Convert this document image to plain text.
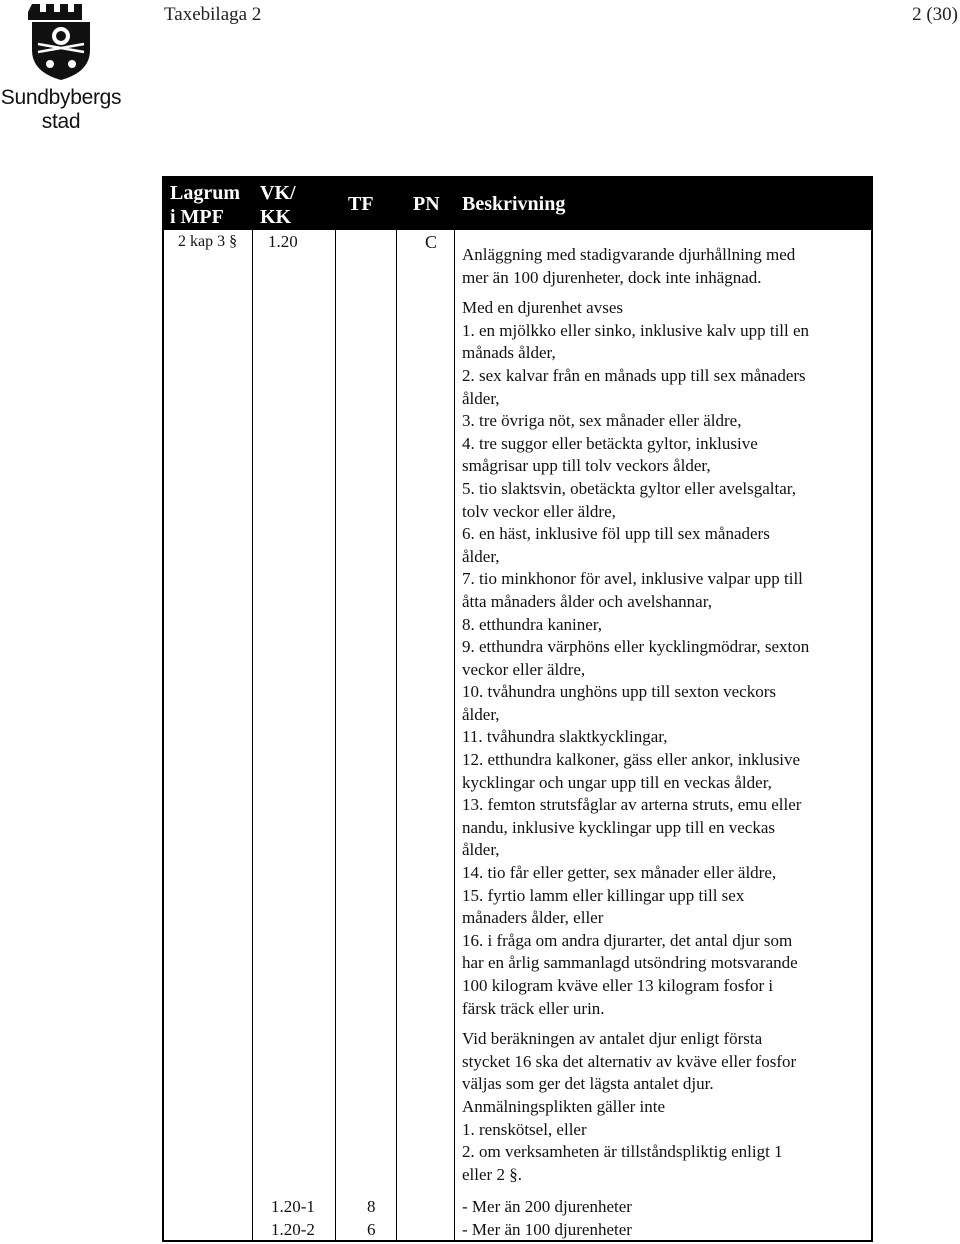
Sundbybergs
stad
Taxebilaga 2	2 (30)
Lagrum
i MPF
VK/
KK
TF PN Beskrivning
2 kap 3 § 1.20	C

Anläggning med stadigvarande djurhållning med

mer än 100 djurenheter, dock inte inhägnad.

Med en djurenhet avses

1. en mjölkko eller sinko, inklusive kalv upp till en

månads ålder,

2. sex kalvar från en månads upp till sex månaders

ålder,

3. tre övriga nöt, sex månader eller äldre,

4. tre suggor eller betäckta gyltor, inklusive

smågrisar upp till tolv veckors ålder,

5. tio slaktsvin, obetäckta gyltor eller avelsgaltar,

tolv veckor eller äldre,

6. en häst, inklusive föl upp till sex månaders

ålder,

7. tio minkhonor för avel, inklusive valpar upp till

åtta månaders ålder och avelshannar,

8. etthundra kaniner,

9. etthundra värphöns eller kycklingmödrar, sexton

veckor eller äldre,

10. tvåhundra unghöns upp till sexton veckors

ålder,

11. tvåhundra slaktkycklingar,

12. etthundra kalkoner, gäss eller ankor, inklusive

kycklingar och ungar upp till en veckas ålder,

13. femton strutsfåglar av arterna struts, emu eller

nandu, inklusive kycklingar upp till en veckas

ålder,

14. tio får eller getter, sex månader eller äldre,

15. fyrtio lamm eller killingar upp till sex

månaders ålder, eller

16. i fråga om andra djurarter, det antal djur som

har en årlig sammanlagd utsöndring motsvarande

100 kilogram kväve eller 13 kilogram fosfor i

färsk träck eller urin.

Vid beräkningen av antalet djur enligt första

stycket 16 ska det alternativ av kväve eller fosfor

väljas som ger det lägsta antalet djur.

Anmälningsplikten gäller inte

1. renskötsel, eller

2. om verksamheten är tillståndspliktig enligt 1

eller 2 §.

1.20-1
1.20-2
8
6
- Mer än 200 djurenheter
- Mer än 100 djurenheter
